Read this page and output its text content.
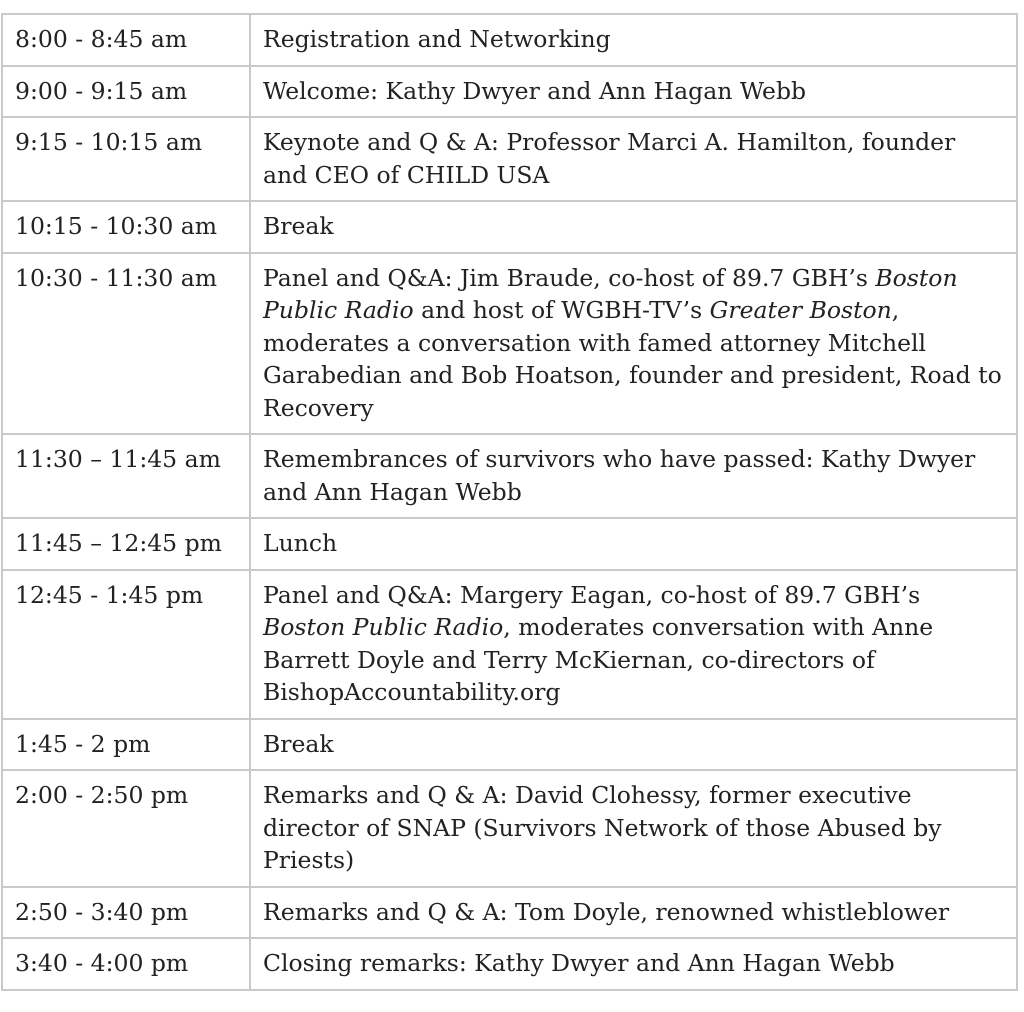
8:00 - 8:45 am	Registration and Networking
9:00 - 9:15 am	Welcome: Kathy Dwyer and Ann Hagan Webb
9:15 - 10:15 am	Keynote and Q & A: Professor Marci A. Hamilton, founder and CEO of CHILD USA
10:15 - 10:30 am	Break
10:30 - 11:30 am	Panel and Q&A: Jim Braude, co-host of 89.7 GBH’s Boston Public Radio and host of WGBH-TV’s Greater Boston, moderates a conversation with famed attorney Mitchell Garabedian and Bob Hoatson, founder and president, Road to Recovery
11:30 – 11:45 am	Remembrances of survivors who have passed: Kathy Dwyer and Ann Hagan Webb
11:45 – 12:45 pm	Lunch
12:45 - 1:45 pm	Panel and Q&A: Margery Eagan, co-host of 89.7 GBH’s Boston Public Radio, moderates conversation with Anne Barrett Doyle and Terry McKiernan, co-directors of BishopAccountability.org
1:45 - 2 pm	Break
2:00 - 2:50 pm	Remarks and Q & A: David Clohessy, former executive director of SNAP (Survivors Network of those Abused by Priests)
2:50 - 3:40 pm	Remarks and Q & A: Tom Doyle, renowned whistleblower
3:40 - 4:00 pm	Closing remarks: Kathy Dwyer and Ann Hagan Webb
